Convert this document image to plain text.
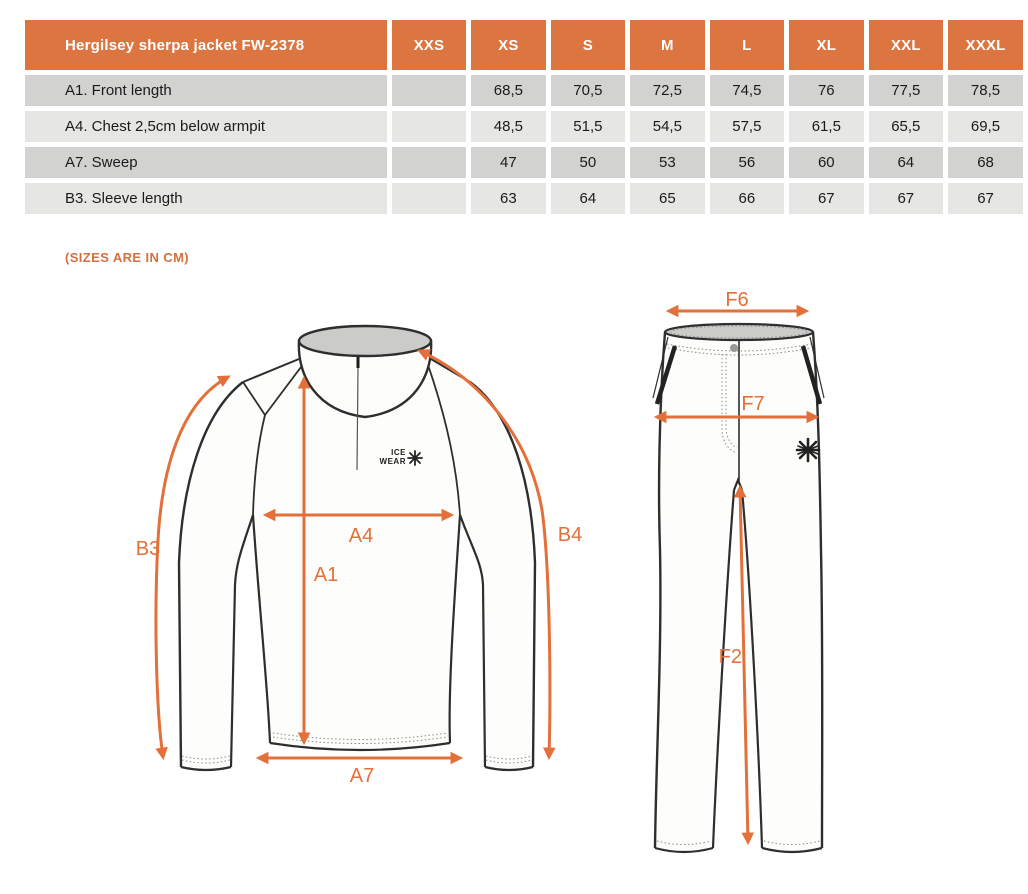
Hergilsey sherpa jacket FW-2378	XXS	XS	S	M	L	XL	XXL	XXXL
A1. Front length		68,5	70,5	72,5	74,5	76	77,5	78,5
A4. Chest 2,5cm below armpit		48,5	51,5	54,5	57,5	61,5	65,5	69,5
A7. Sweep		47	50	53	56	60	64	68
B3. Sleeve length		63	64	65	66	67	67	67
(SIZES ARE IN CM)
ICE
WEAR
B3
B4
A1
A4
A7
F6
F7
F2
